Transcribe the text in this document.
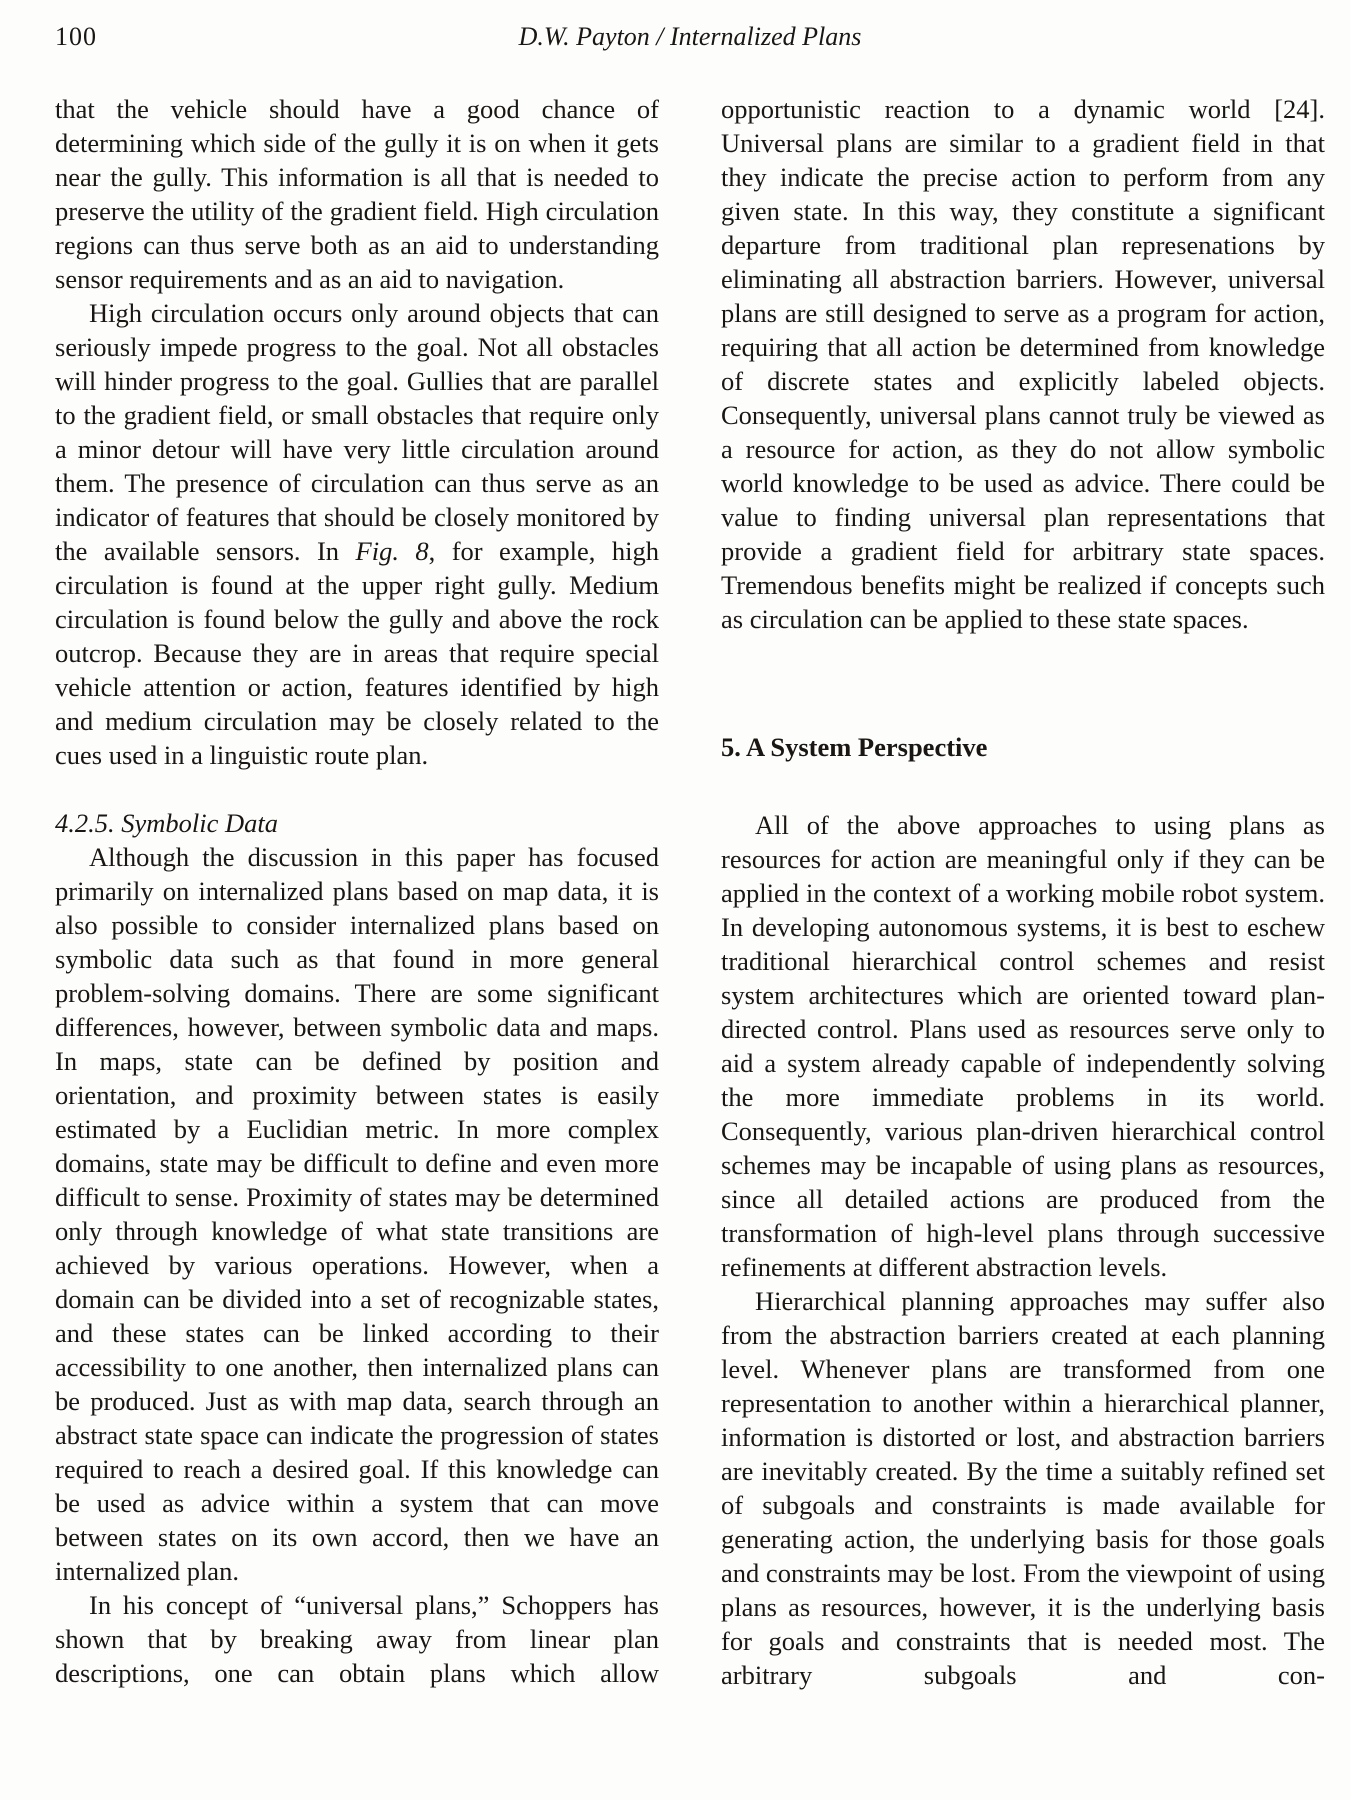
100	D.W. Payton / Internalized Plans

that the vehicle should have a good chance of determining which side of the gully it is on when it gets near the gully. This information is all that is needed to preserve the utility of the gradient field. High circulation regions can thus serve both as an aid to understanding sensor requirements and as an aid to navigation.

High circulation occurs only around objects that can seriously impede progress to the goal. Not all obstacles will hinder progress to the goal. Gullies that are parallel to the gradient field, or small obstacles that require only a minor detour will have very little circulation around them. The presence of circulation can thus serve as an indicator of features that should be closely monitored by the available sensors. In Fig. 8, for example, high circulation is found at the upper right gully. Medium circulation is found below the gully and above the rock outcrop. Because they are in areas that require special vehicle attention or action, features identified by high and medium circulation may be closely related to the cues used in a linguistic route plan.

4.2.5. Symbolic Data

Although the discussion in this paper has focused primarily on internalized plans based on map data, it is also possible to consider internalized plans based on symbolic data such as that found in more general problem-solving domains. There are some significant differences, however, between symbolic data and maps. In maps, state can be defined by position and orientation, and proximity between states is easily estimated by a Euclidian metric. In more complex domains, state may be difficult to define and even more difficult to sense. Proximity of states may be determined only through knowledge of what state transitions are achieved by various operations. However, when a domain can be divided into a set of recognizable states, and these states can be linked according to their accessibility to one another, then internalized plans can be produced. Just as with map data, search through an abstract state space can indicate the progression of states required to reach a desired goal. If this knowledge can be used as advice within a system that can move between states on its own accord, then we have an internalized plan.

In his concept of “universal plans,” Schoppers has shown that by breaking away from linear plan descriptions, one can obtain plans which allow

opportunistic reaction to a dynamic world [24]. Universal plans are similar to a gradient field in that they indicate the precise action to perform from any given state. In this way, they constitute a significant departure from traditional plan represenations by eliminating all abstraction barriers. However, universal plans are still designed to serve as a program for action, requiring that all action be determined from knowledge of discrete states and explicitly labeled objects. Consequently, universal plans cannot truly be viewed as a resource for action, as they do not allow symbolic world knowledge to be used as advice. There could be value to finding universal plan representations that provide a gradient field for arbitrary state spaces. Tremendous benefits might be realized if concepts such as circulation can be applied to these state spaces.

5. A System Perspective

All of the above approaches to using plans as resources for action are meaningful only if they can be applied in the context of a working mobile robot system. In developing autonomous systems, it is best to eschew traditional hierarchical control schemes and resist system architectures which are oriented toward plan-directed control. Plans used as resources serve only to aid a system already capable of independently solving the more immediate problems in its world. Consequently, various plan-driven hierarchical control schemes may be incapable of using plans as resources, since all detailed actions are produced from the transformation of high-level plans through successive refinements at different abstraction levels.

Hierarchical planning approaches may suffer also from the abstraction barriers created at each planning level. Whenever plans are transformed from one representation to another within a hierarchical planner, information is distorted or lost, and abstraction barriers are inevitably created. By the time a suitably refined set of subgoals and constraints is made available for generating action, the underlying basis for those goals and constraints may be lost. From the viewpoint of using plans as resources, however, it is the underlying basis for goals and constraints that is needed most. The arbitrary subgoals and con-
